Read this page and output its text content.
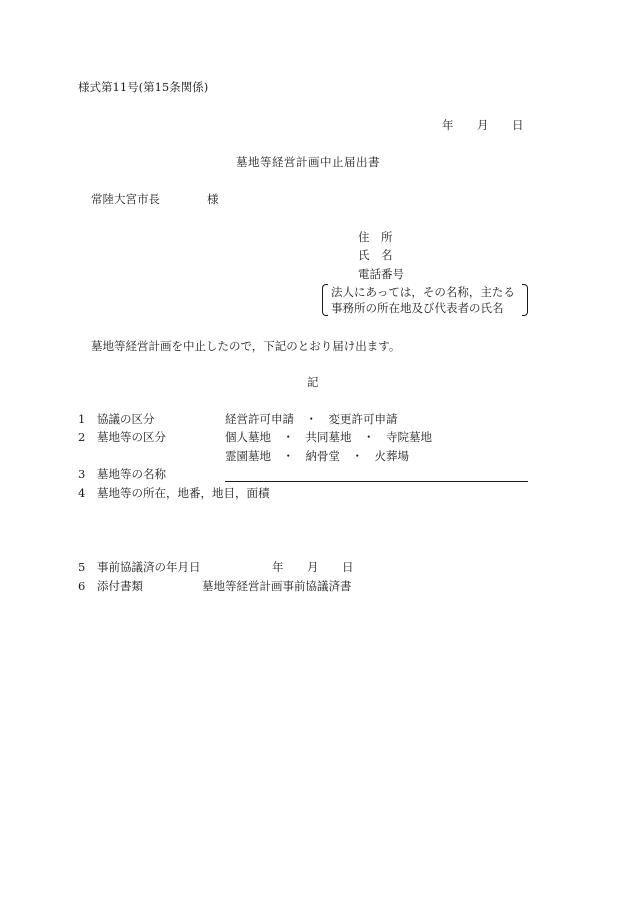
様式第11号(第15条関係)
年 月 日
墓地等経営計画中止届出書
常陸大宮市長	様
住　所
氏　名
電話番号
法人にあっては，その名称，主たる
事務所の所在地及び代表者の氏名
墓地等経営計画を中止したので，下記のとおり届け出ます。
記
1 協議の区分	経営許可申請　・　変更許可申請
2 墓地等の区分	個人墓地　・　共同墓地　・　寺院墓地
霊園墓地　・　納骨堂　・　火葬場
3 墓地等の名称
4 墓地等の所在，地番，地目，面積
5 事前協議済の年月日	年 月 日
6 添付書類	墓地等経営計画事前協議済書
